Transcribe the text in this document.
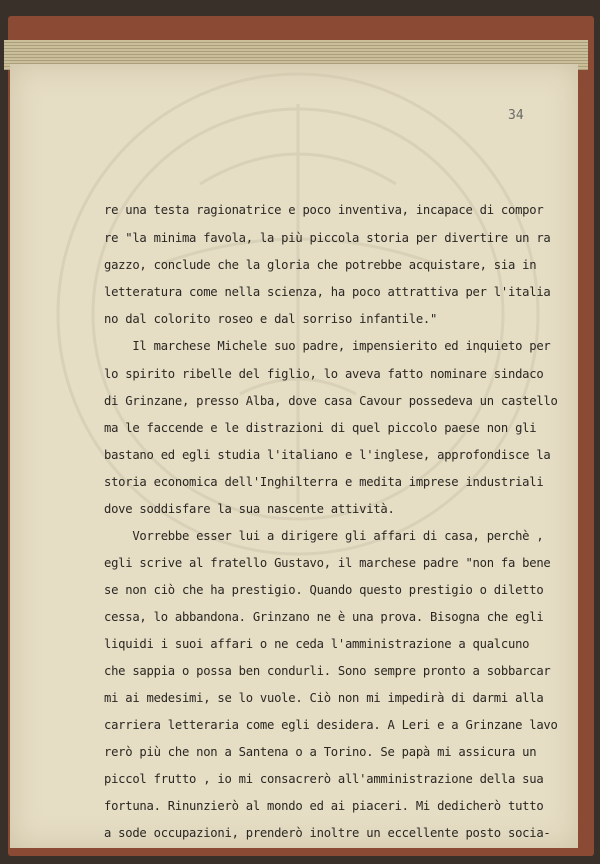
34
re una testa ragionatrice e poco inventiva, incapace di compor
re "la minima favola, la più piccola storia per divertire un ra
gazzo, conclude che la gloria che potrebbe acquistare, sia in
letteratura come nella scienza, ha poco attrattiva per l'italia
no dal colorito roseo e dal sorriso infantile."
Il marchese Michele suo padre, impensierito ed inquieto per
lo spirito ribelle del figlio, lo aveva fatto nominare sindaco
di Grinzane, presso Alba, dove casa Cavour possedeva un castello
ma le faccende e le distrazioni di quel piccolo paese non gli
bastano ed egli studia l'italiano e l'inglese, approfondisce la
storia economica dell'Inghilterra e medita imprese industriali
dove soddisfare la sua nascente attività.
Vorrebbe esser lui a dirigere gli affari di casa, perchè ,
egli scrive al fratello Gustavo, il marchese padre "non fa bene
se non ciò che ha prestigio. Quando questo prestigio o diletto
cessa, lo abbandona. Grinzano ne è una prova. Bisogna che egli
liquidi i suoi affari o ne ceda l'amministrazione a qualcuno
che sappia o possa ben condurli. Sono sempre pronto a sobbarcar
mi ai medesimi, se lo vuole. Ciò non mi impedirà di darmi alla
carriera letteraria come egli desidera. A Leri e a Grinzane lavo
rerò più che non a Santena o a Torino. Se papà mi assicura un
piccol frutto , io mi consacrerò all'amministrazione della sua
fortuna. Rinunzierò al mondo ed ai piaceri. Mi dedicherò tutto
a sode occupazioni, prenderò inoltre un eccellente posto socia-
